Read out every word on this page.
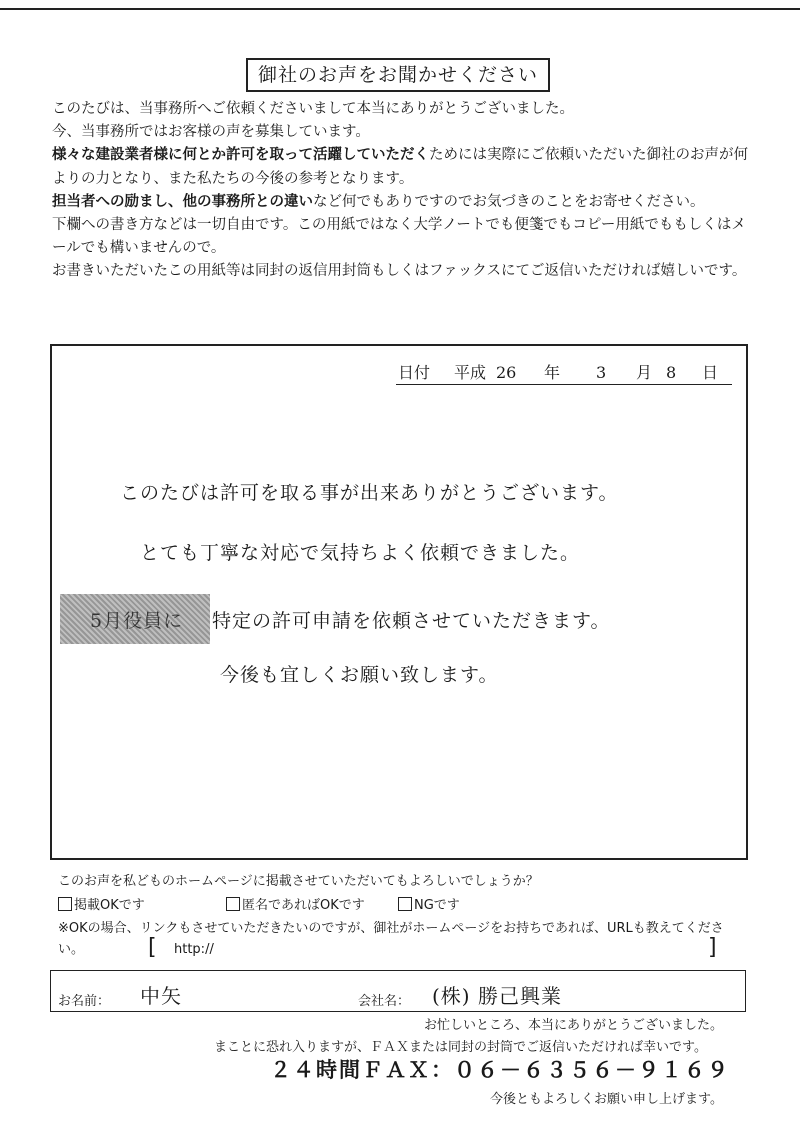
御社のお声をお聞かせください

このたびは、当事務所へご依頼くださいまして本当にありがとうございました。

今、当事務所ではお客様の声を募集しています。

様々な建設業者様に何とか許可を取って活躍していただくためには実際にご依頼いただいた御社のお声が何よりの力となり、また私たちの今後の参考となります。

担当者への励まし、他の事務所との違いなど何でもありですのでお気づきのことをお寄せください。

下欄への書き方などは一切自由です。この用紙ではなく大学ノートでも便箋でもコピー用紙でももしくはメールでも構いませんので。

お書きいただいたこの用紙等は同封の返信用封筒もしくはファックスにてご返信いただければ嬉しいです。

日付 平成 26 年 3 月 8 日
このたびは許可を取る事が出来ありがとうございます。
とても丁寧な対応で気持ちよく依頼できました。
5月役員に 特定の許可申請を依頼させていただきます。
今後も宜しくお願い致します。
このお声を私どものホームページに掲載させていただいてもよろしいでしょうか？
掲載OKです	匿名であればOKです	NGです
※OKの場合、リンクもさせていただきたいのですが、御社がホームページをお持ちであれば、URLも教えてください。	[ http://	]
お名前： 中矢	会社名： (株) 勝己興業
お忙しいところ、本当にありがとうございました。
まことに恐れ入りますが、ＦＡＸまたは同封の封筒でご返信いただければ幸いです。
２４時間ＦＡＸ：０６－６３５６－９１６９
今後ともよろしくお願い申し上げます。
